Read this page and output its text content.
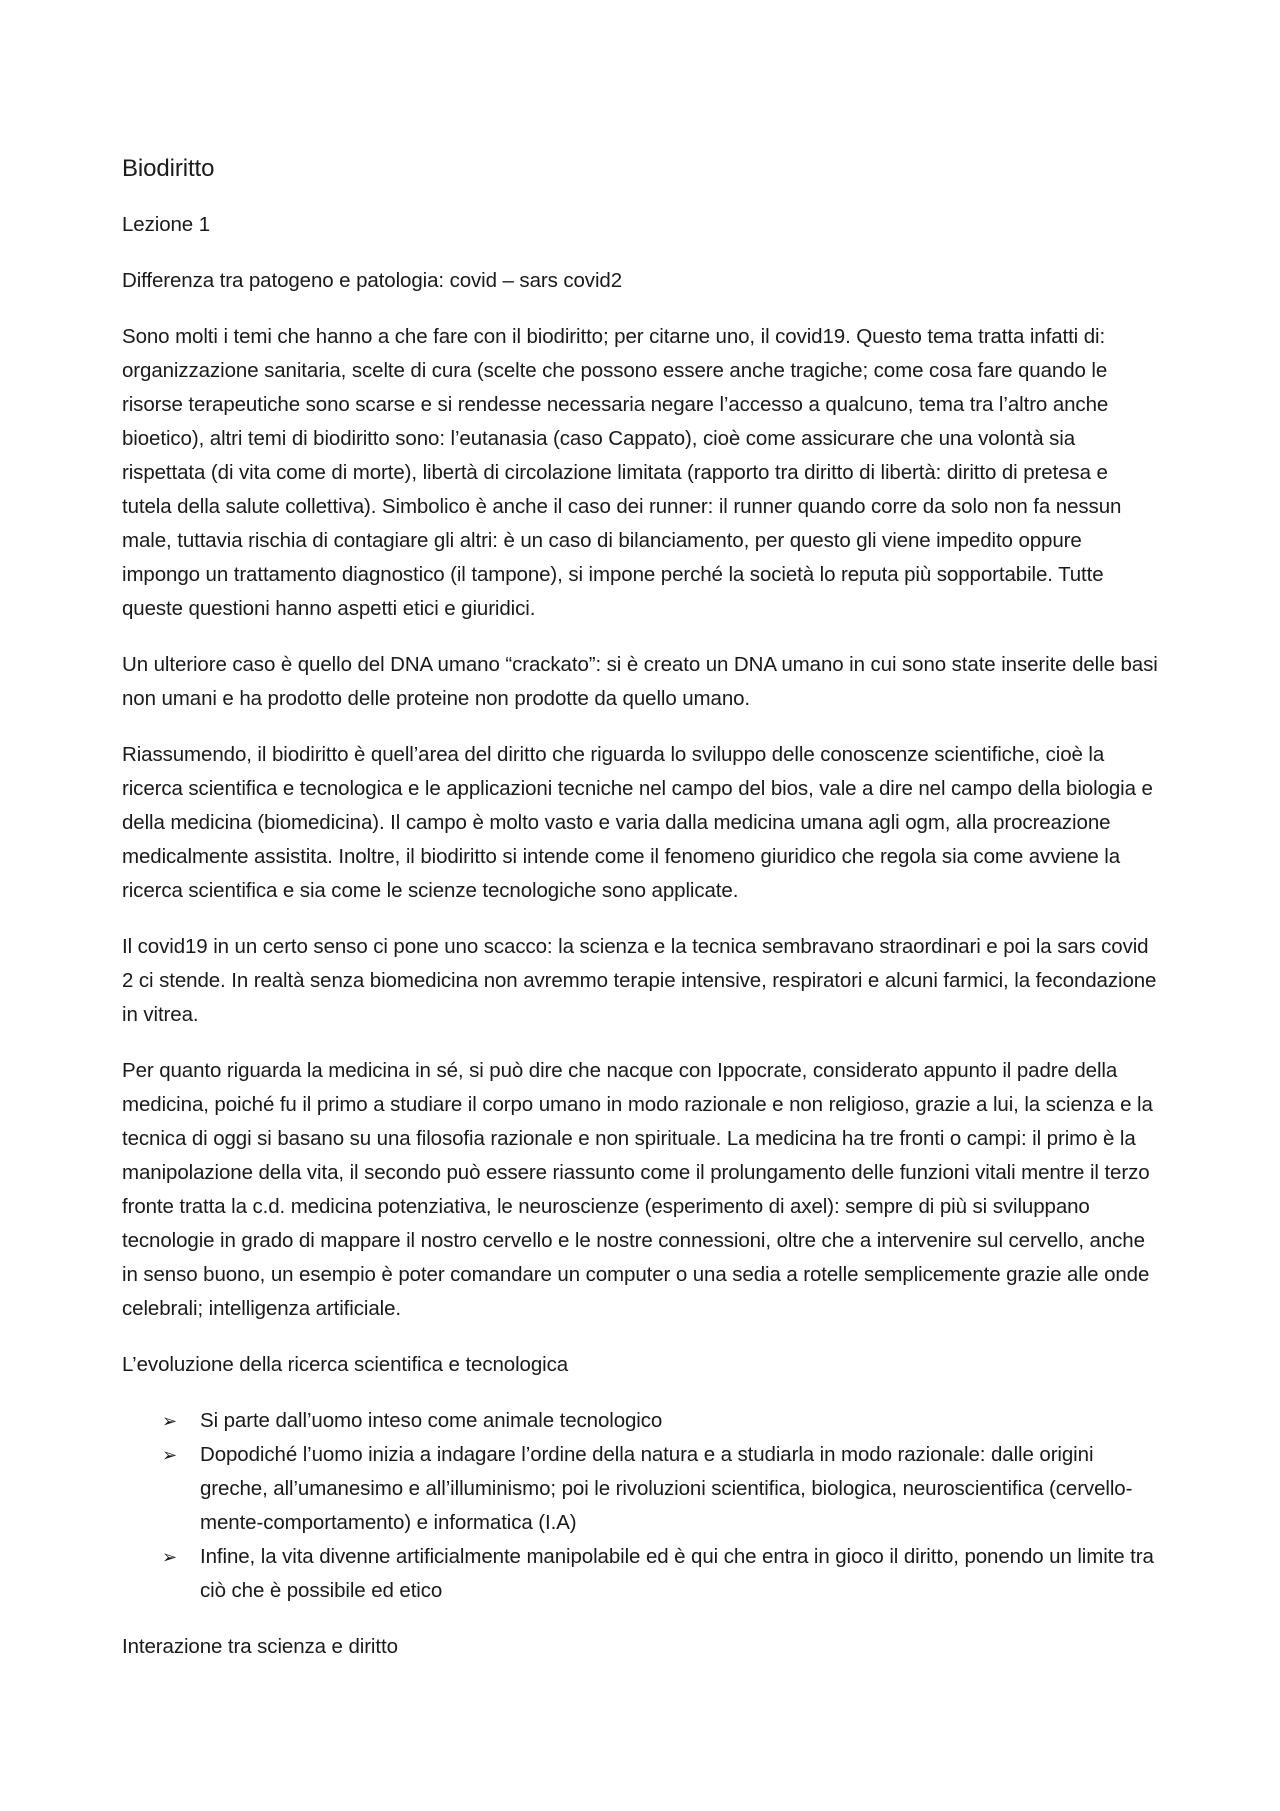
Biodiritto
Lezione 1
Differenza tra patogeno e patologia: covid – sars covid2

Sono molti i temi che hanno a che fare con il biodiritto; per citarne uno, il covid19. Questo tema tratta infatti di: organizzazione sanitaria, scelte di cura (scelte che possono essere anche tragiche; come cosa fare quando le risorse terapeutiche sono scarse e si rendesse necessaria negare l’accesso a qualcuno, tema tra l’altro anche bioetico), altri temi di biodiritto sono: l’eutanasia (caso Cappato), cioè come assicurare che una volontà sia rispettata (di vita come di morte), libertà di circolazione limitata (rapporto tra diritto di libertà: diritto di pretesa e tutela della salute collettiva). Simbolico è anche il caso dei runner: il runner quando corre da solo non fa nessun male, tuttavia rischia di contagiare gli altri: è un caso di bilanciamento, per questo gli viene impedito oppure impongo un trattamento diagnostico (il tampone), si impone perché la società lo reputa più sopportabile. Tutte queste questioni hanno aspetti etici e giuridici.

Un ulteriore caso è quello del DNA umano “crackato”: si è creato un DNA umano in cui sono state inserite delle basi non umani e ha prodotto delle proteine non prodotte da quello umano.

Riassumendo, il biodiritto è quell’area del diritto che riguarda lo sviluppo delle conoscenze scientifiche, cioè la ricerca scientifica e tecnologica e le applicazioni tecniche nel campo del bios, vale a dire nel campo della biologia e della medicina (biomedicina). Il campo è molto vasto e varia dalla medicina umana agli ogm, alla procreazione medicalmente assistita. Inoltre, il biodiritto si intende come il fenomeno giuridico che regola sia come avviene la ricerca scientifica e sia come le scienze tecnologiche sono applicate.

Il covid19 in un certo senso ci pone uno scacco: la scienza e la tecnica sembravano straordinari e poi la sars covid 2 ci stende. In realtà senza biomedicina non avremmo terapie intensive, respiratori e alcuni farmici, la fecondazione in vitrea.

Per quanto riguarda la medicina in sé, si può dire che nacque con Ippocrate, considerato appunto il padre della medicina, poiché fu il primo a studiare il corpo umano in modo razionale e non religioso, grazie a lui, la scienza e la tecnica di oggi si basano su una filosofia razionale e non spirituale. La medicina ha tre fronti o campi: il primo è la manipolazione della vita, il secondo può essere riassunto come il prolungamento delle funzioni vitali mentre il terzo fronte tratta la c.d. medicina potenziativa, le neuroscienze (esperimento di axel): sempre di più si sviluppano tecnologie in grado di mappare il nostro cervello e le nostre connessioni, oltre che a intervenire sul cervello, anche in senso buono, un esempio è poter comandare un computer o una sedia a rotelle semplicemente grazie alle onde celebrali; intelligenza artificiale.

L’evoluzione della ricerca scientifica e tecnologica
➢ Si parte dall’uomo inteso come animale tecnologico
➢ Dopodiché l’uomo inizia a indagare l’ordine della natura e a studiarla in modo razionale: dalle origini greche, all’umanesimo e all’illuminismo; poi le rivoluzioni scientifica, biologica, neuroscientifica (cervello-mente-comportamento) e informatica (I.A)
➢ Infine, la vita divenne artificialmente manipolabile ed è qui che entra in gioco il diritto, ponendo un limite tra ciò che è possibile ed etico
Interazione tra scienza e diritto
